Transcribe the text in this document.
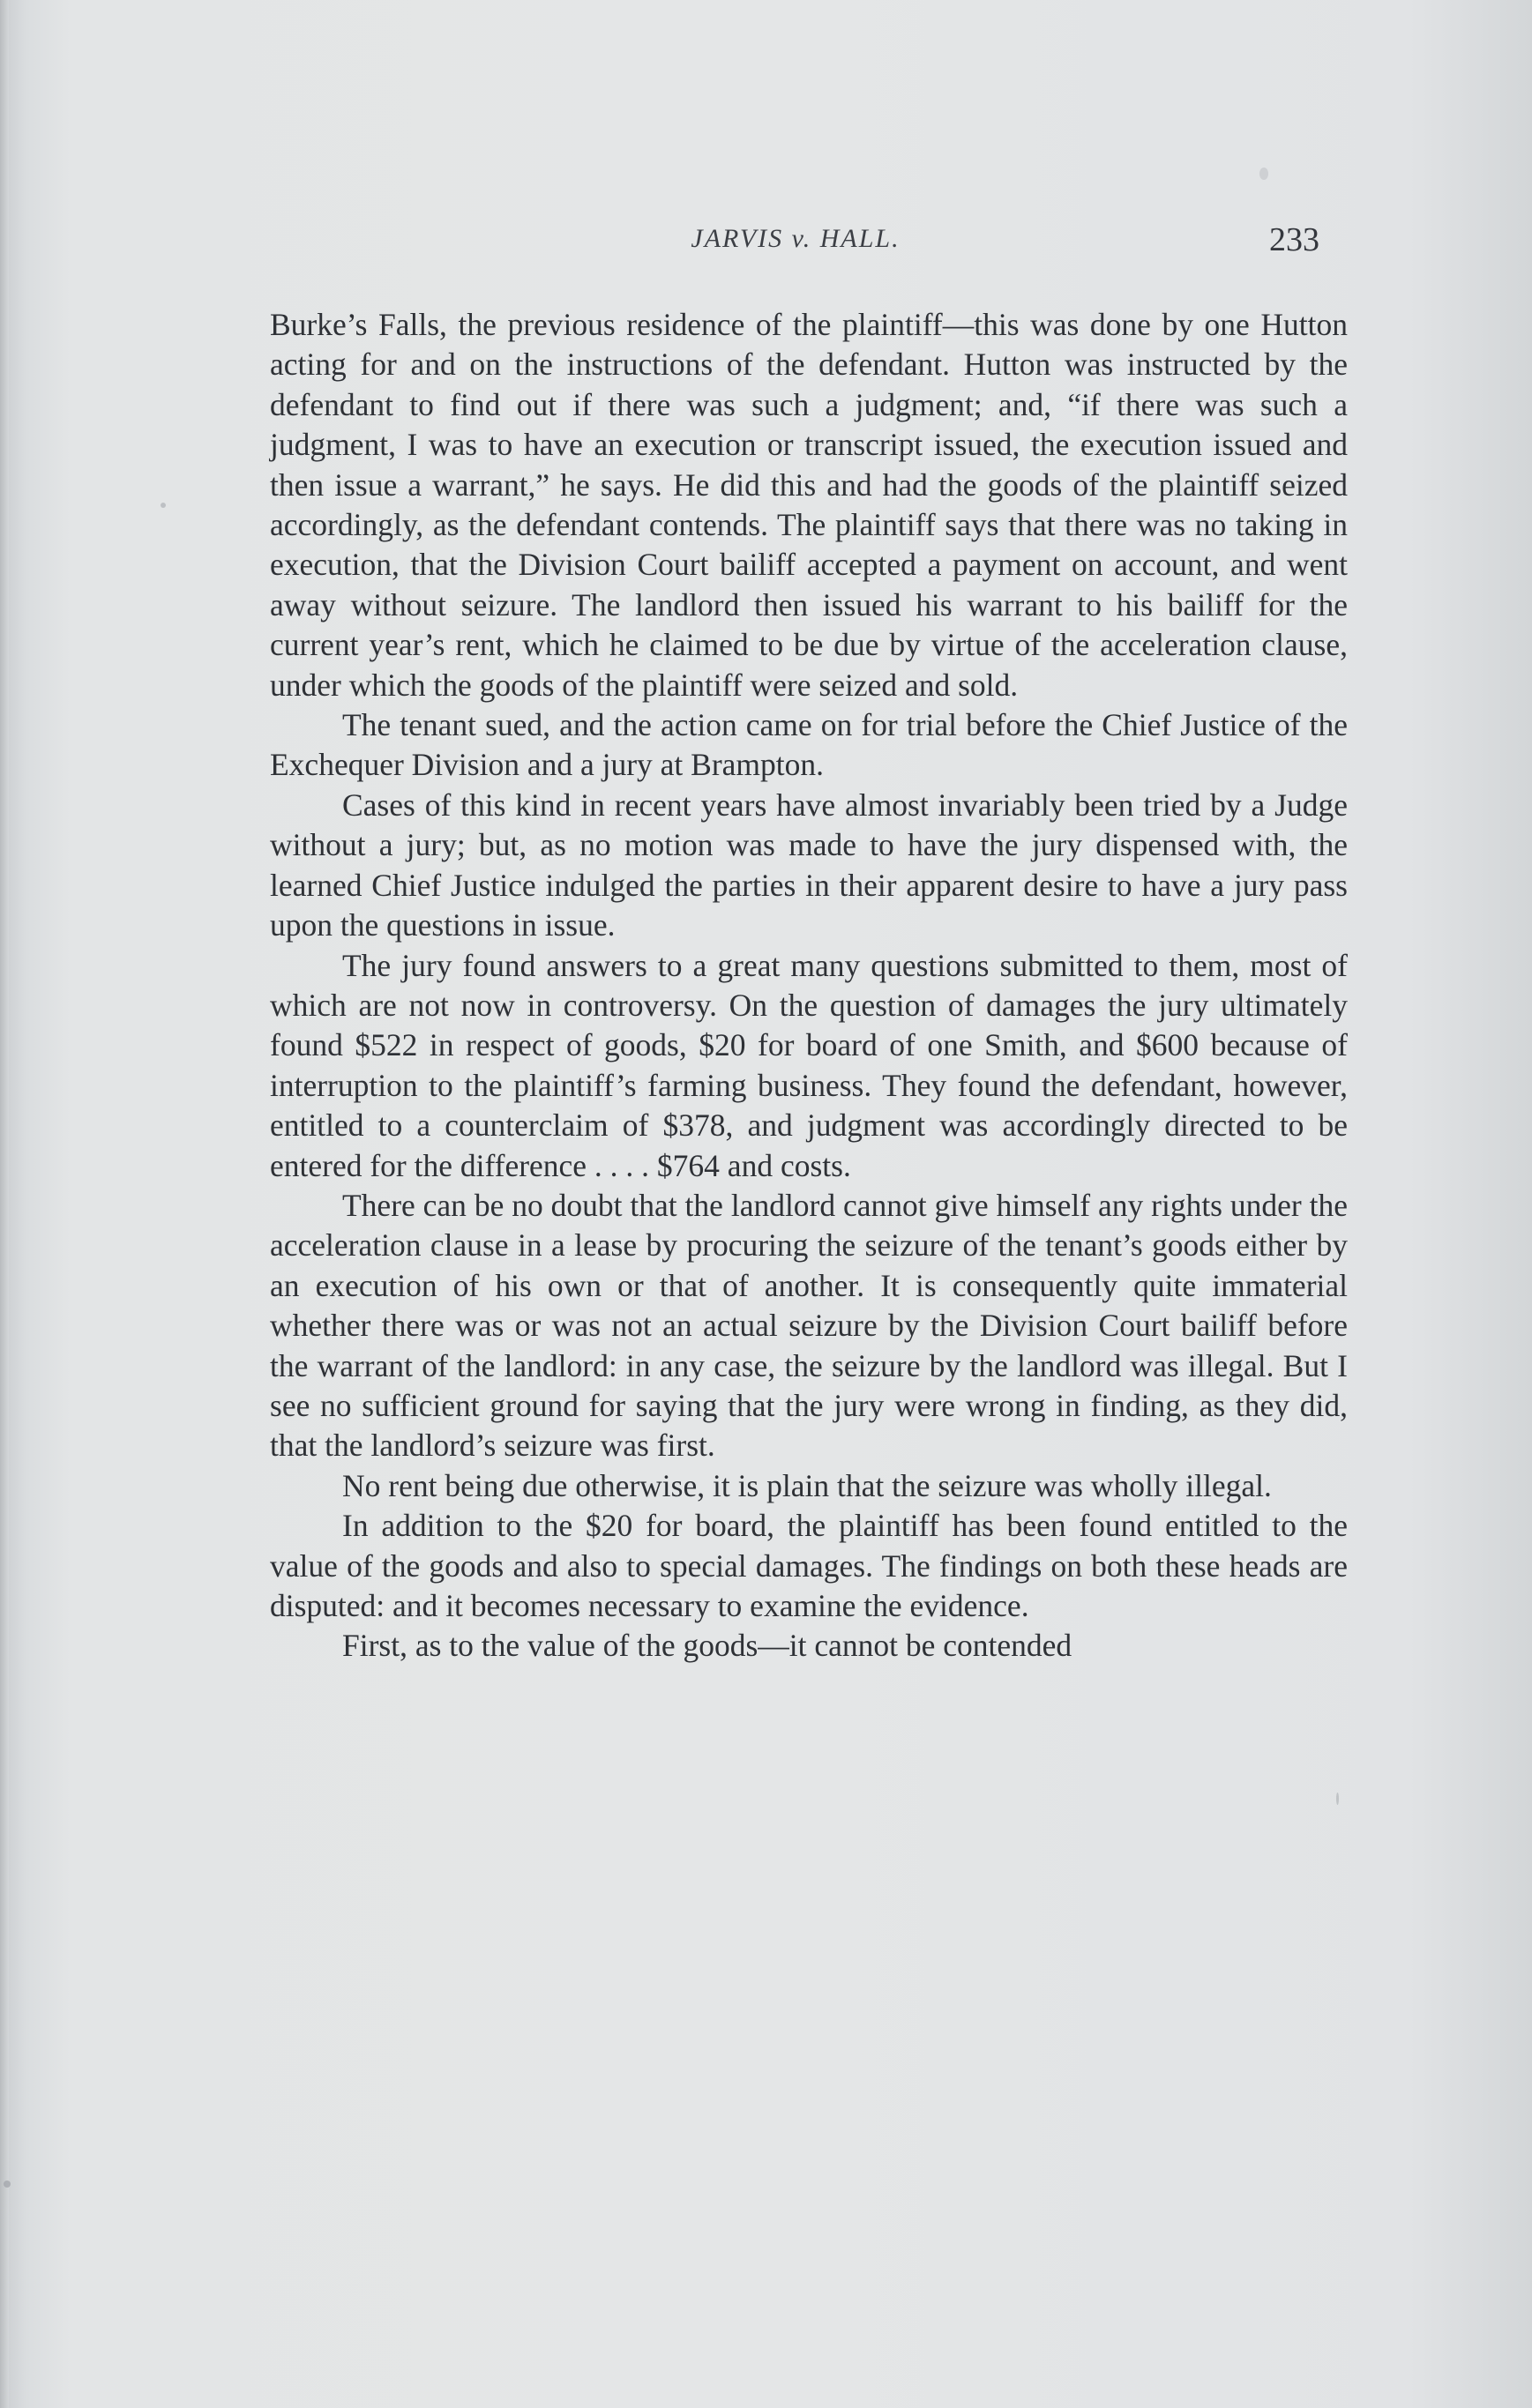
JARVIS v. HALL.	233

Burke’s Falls, the previous residence of the plaintiff—this was done by one Hutton acting for and on the instructions of the defendant. Hutton was instructed by the defendant to find out if there was such a judgment; and, “if there was such a judgment, I was to have an execution or transcript issued, the execution issued and then issue a warrant,” he says. He did this and had the goods of the plaintiff seized accordingly, as the defendant contends. The plaintiff says that there was no taking in execution, that the Division Court bailiff accepted a payment on account, and went away without seizure. The landlord then issued his warrant to his bailiff for the current year’s rent, which he claimed to be due by virtue of the acceleration clause, under which the goods of the plaintiff were seized and sold.

The tenant sued, and the action came on for trial before the Chief Justice of the Exchequer Division and a jury at Brampton.

Cases of this kind in recent years have almost invariably been tried by a Judge without a jury; but, as no motion was made to have the jury dispensed with, the learned Chief Justice indulged the parties in their apparent desire to have a jury pass upon the questions in issue.

The jury found answers to a great many questions submitted to them, most of which are not now in controversy. On the question of damages the jury ultimately found $522 in respect of goods, $20 for board of one Smith, and $600 because of interruption to the plaintiff’s farming business. They found the defendant, however, entitled to a counterclaim of $378, and judgment was accordingly directed to be entered for the difference . . . . $764 and costs.

There can be no doubt that the landlord cannot give himself any rights under the acceleration clause in a lease by procuring the seizure of the tenant’s goods either by an execution of his own or that of another. It is consequently quite immaterial whether there was or was not an actual seizure by the Division Court bailiff before the warrant of the landlord: in any case, the seizure by the landlord was illegal. But I see no sufficient ground for saying that the jury were wrong in finding, as they did, that the landlord’s seizure was first.

No rent being due otherwise, it is plain that the seizure was wholly illegal.

In addition to the $20 for board, the plaintiff has been found entitled to the value of the goods and also to special damages. The findings on both these heads are disputed: and it becomes necessary to examine the evidence.

First, as to the value of the goods—it cannot be contended
